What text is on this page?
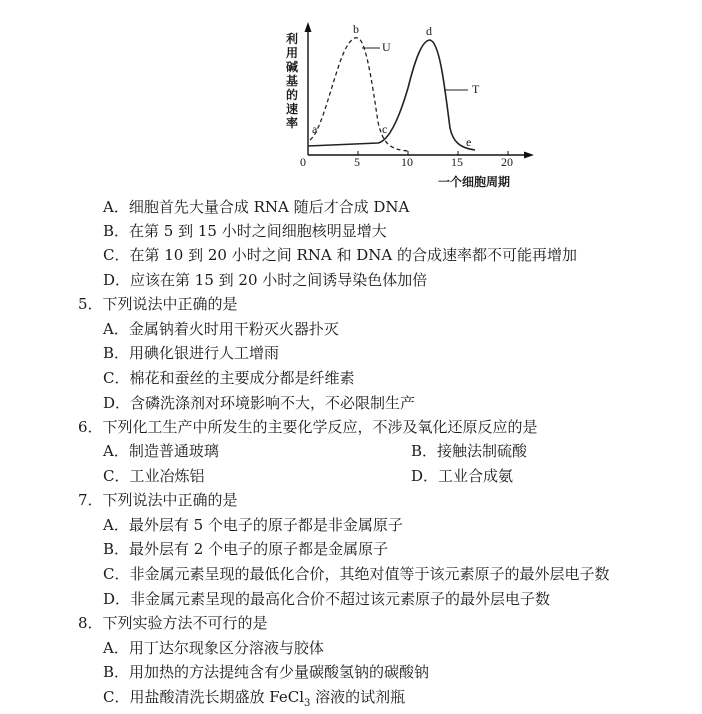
利用碱基的速率
一个细胞周期
0	5	10	15	20
a
b
c
d
e
U
T
A．细胞首先大量合成 RNA 随后才合成 DNA
B．在第 5 到 15 小时之间细胞核明显增大
C．在第 10 到 20 小时之间 RNA 和 DNA 的合成速率都不可能再增加
D．应该在第 15 到 20 小时之间诱导染色体加倍
5．下列说法中正确的是
A．金属钠着火时用干粉灭火器扑灭
B．用碘化银进行人工增雨
C．棉花和蚕丝的主要成分都是纤维素
D．含磷洗涤剂对环境影响不大，不必限制生产
6．下列化工生产中所发生的主要化学反应，不涉及氧化还原反应的是
A．制造普通玻璃	B．接触法制硫酸
C．工业冶炼铝	D．工业合成氨
7．下列说法中正确的是
A．最外层有 5 个电子的原子都是非金属原子
B．最外层有 2 个电子的原子都是金属原子
C．非金属元素呈现的最低化合价，其绝对值等于该元素原子的最外层电子数
D．非金属元素呈现的最高化合价不超过该元素原子的最外层电子数
8．下列实验方法不可行的是
A．用丁达尔现象区分溶液与胶体
B．用加热的方法提纯含有少量碳酸氢钠的碳酸钠
C．用盐酸清洗长期盛放 FeCl$_3$ 溶液的试剂瓶
